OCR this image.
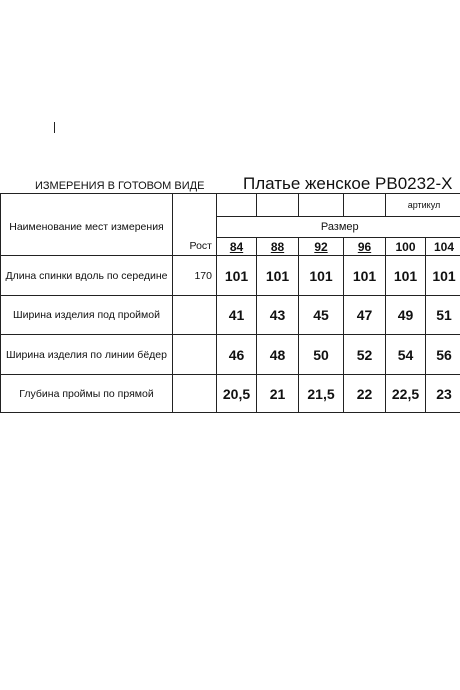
ИЗМЕРЕНИЯ В ГОТОВОМ ВИДЕ Платье женское PB0232-X
						артикул	
Наименование мест измерения		Размер					
	Рост	84	88	92	96	100	104
Длина спинки вдоль по середине	170	101	101	101	101	101	101
Ширина изделия под проймой		41	43	45	47	49	51
Ширина изделия по линии бёдер		46	48	50	52	54	56
Глубина проймы по прямой		20,5	21	21,5	22	22,5	23
